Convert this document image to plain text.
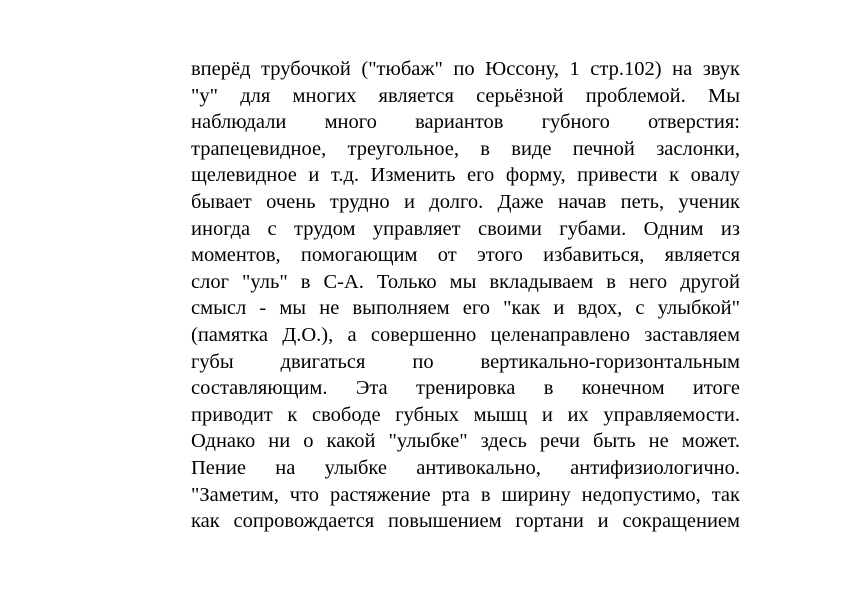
вперёд трубочкой ("тюбаж" по Юссону, 1 стр.102) на звук
"у" для многих является серьёзной проблемой. Мы
наблюдали много вариантов губного отверстия:
трапецевидное, треугольное, в виде печной заслонки,
щелевидное и т.д. Изменить его форму, привести к овалу
бывает очень трудно и долго. Даже начав петь, ученик
иногда с трудом управляет своими губами. Одним из
моментов, помогающим от этого избавиться, является
слог "уль" в С-А. Только мы вкладываем в него другой
смысл - мы не выполняем его "как и вдох, с улыбкой"
(памятка Д.О.), а совершенно целенаправлено заставляем
губы двигаться по вертикально-горизонтальным
составляющим. Эта тренировка в конечном итоге
приводит к свободе губных мышц и их управляемости.
Однако ни о какой "улыбке" здесь речи быть не может.
Пение на улыбке антивокально, антифизиологично.
"Заметим, что растяжение рта в ширину недопустимо, так
как сопровождается повышением гортани и сокращением
